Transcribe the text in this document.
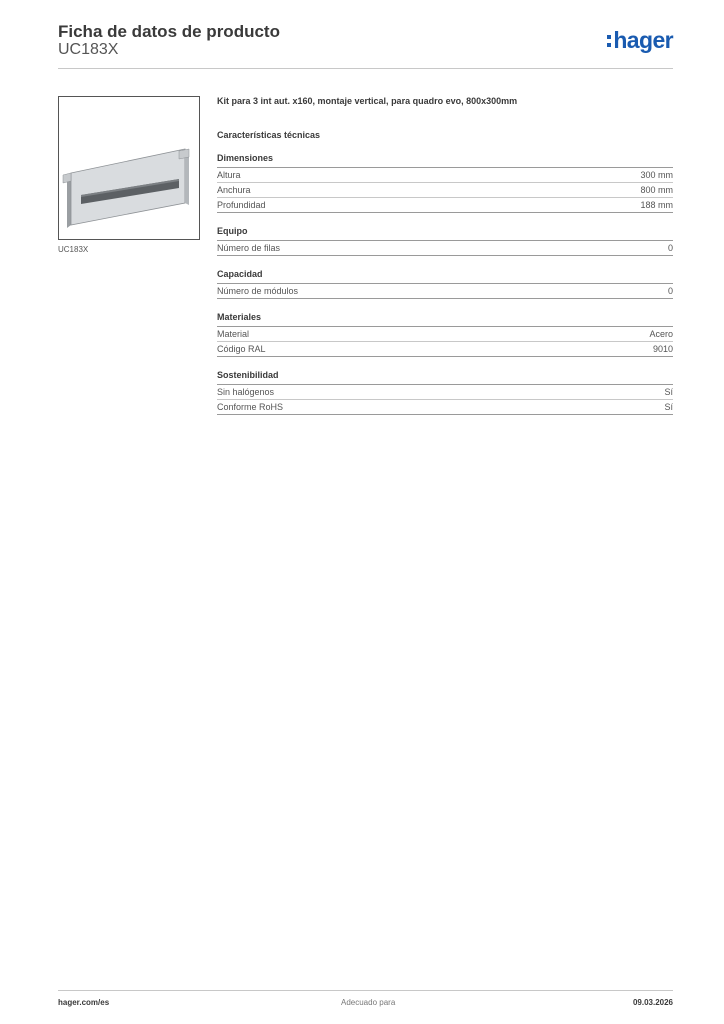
Ficha de datos de producto
UC183X	hager
UC183X
Kit para 3 int aut. x160, montaje vertical, para quadro evo, 800x300mm
Características técnicas
Dimensiones
Altura	300 mm
Anchura	800 mm
Profundidad	188 mm
Equipo
Número de filas	0
Capacidad
Número de módulos	0
Materiales
Material	Acero
Código RAL	9010
Sostenibilidad
Sin halógenos	Sí
Conforme RoHS	Sí
hager.com/es	Adecuado para	09.03.2026
